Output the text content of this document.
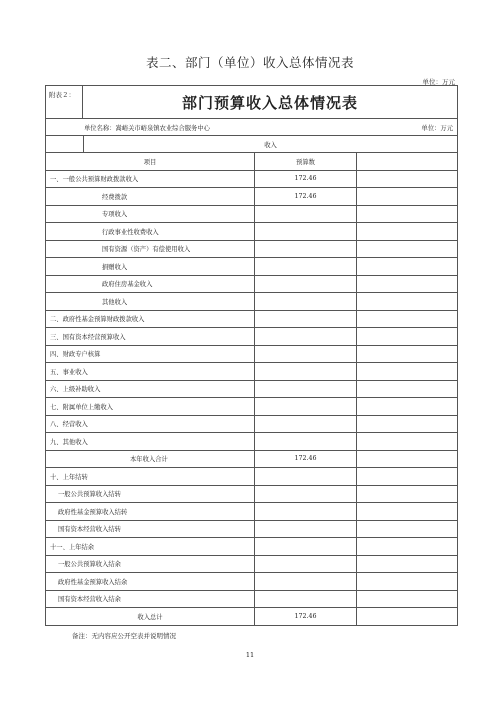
表二、部门（单位）收入总体情况表
单位：万元
附表２：	部门预算收入总体情况表
单位名称：嵩峪关市峪泉镇农业综合服务中心	单位：万元
收入
项目	预算数
一、一般公共预算财政拨款收入	172.46
经费拨款	172.46
专项收入
行政事业性收费收入
国有资源（资产）有偿使用收入
捐赠收入
政府住房基金收入
其他收入
二、政府性基金预算财政拨款收入
三、国有资本经营预算收入
四、财政专户核算
五、事业收入
六、上级补助收入
七、附属单位上缴收入
八、经营收入
九、其他收入
本年收入合计	172.46
十、上年结转
一般公共预算收入结转
政府性基金预算收入结转
国有资本经营收入结转
十一、上年结余
一般公共预算收入结余
政府性基金预算收入结余
国有资本经营收入结余
收入总计	172.46
备注：无内容应公开空表并说明情况
11
